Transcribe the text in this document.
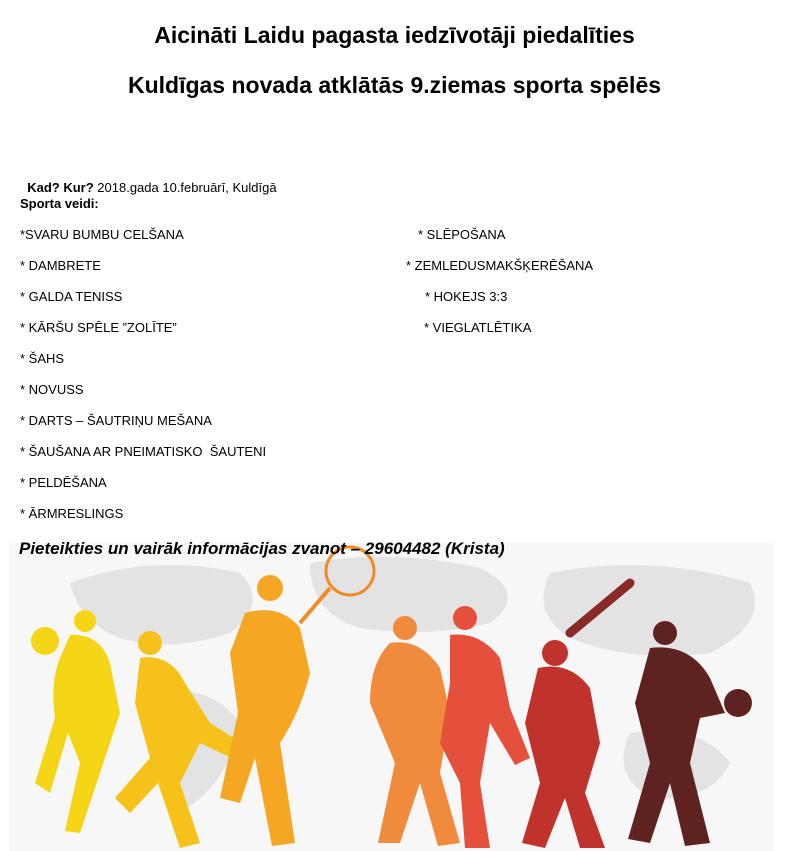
Aicināti Laidu pagasta iedzīvotāji piedalīties
Kuldīgas novada atklātās 9.ziemas sporta spēlēs

Kad? Kur? 2018.gada 10.februārī, Kuldīgā

Sporta veidi:
*SVARU BUMBU CELŠANA
* DAMBRETE
* GALDA TENISS
* KĀRŠU SPĒLE ”ZOLĪTE”
* ŠAHS
* NOVUSS
* DARTS – ŠAUTRIŅU MEŠANA
* ŠAUŠANA AR PNEIMATISKO  ŠAUTENI
* PELDĒŠANA
* ĀRMRESLINGS
* SLĒPOŠANA
* ZEMLEDUSMAKŠĶERĒŠANA
* HOKEJS 3:3
* VIEGLATLĒTIKA
Pieteikties un vairāk informācijas zvanot – 29604482 (Krista)
